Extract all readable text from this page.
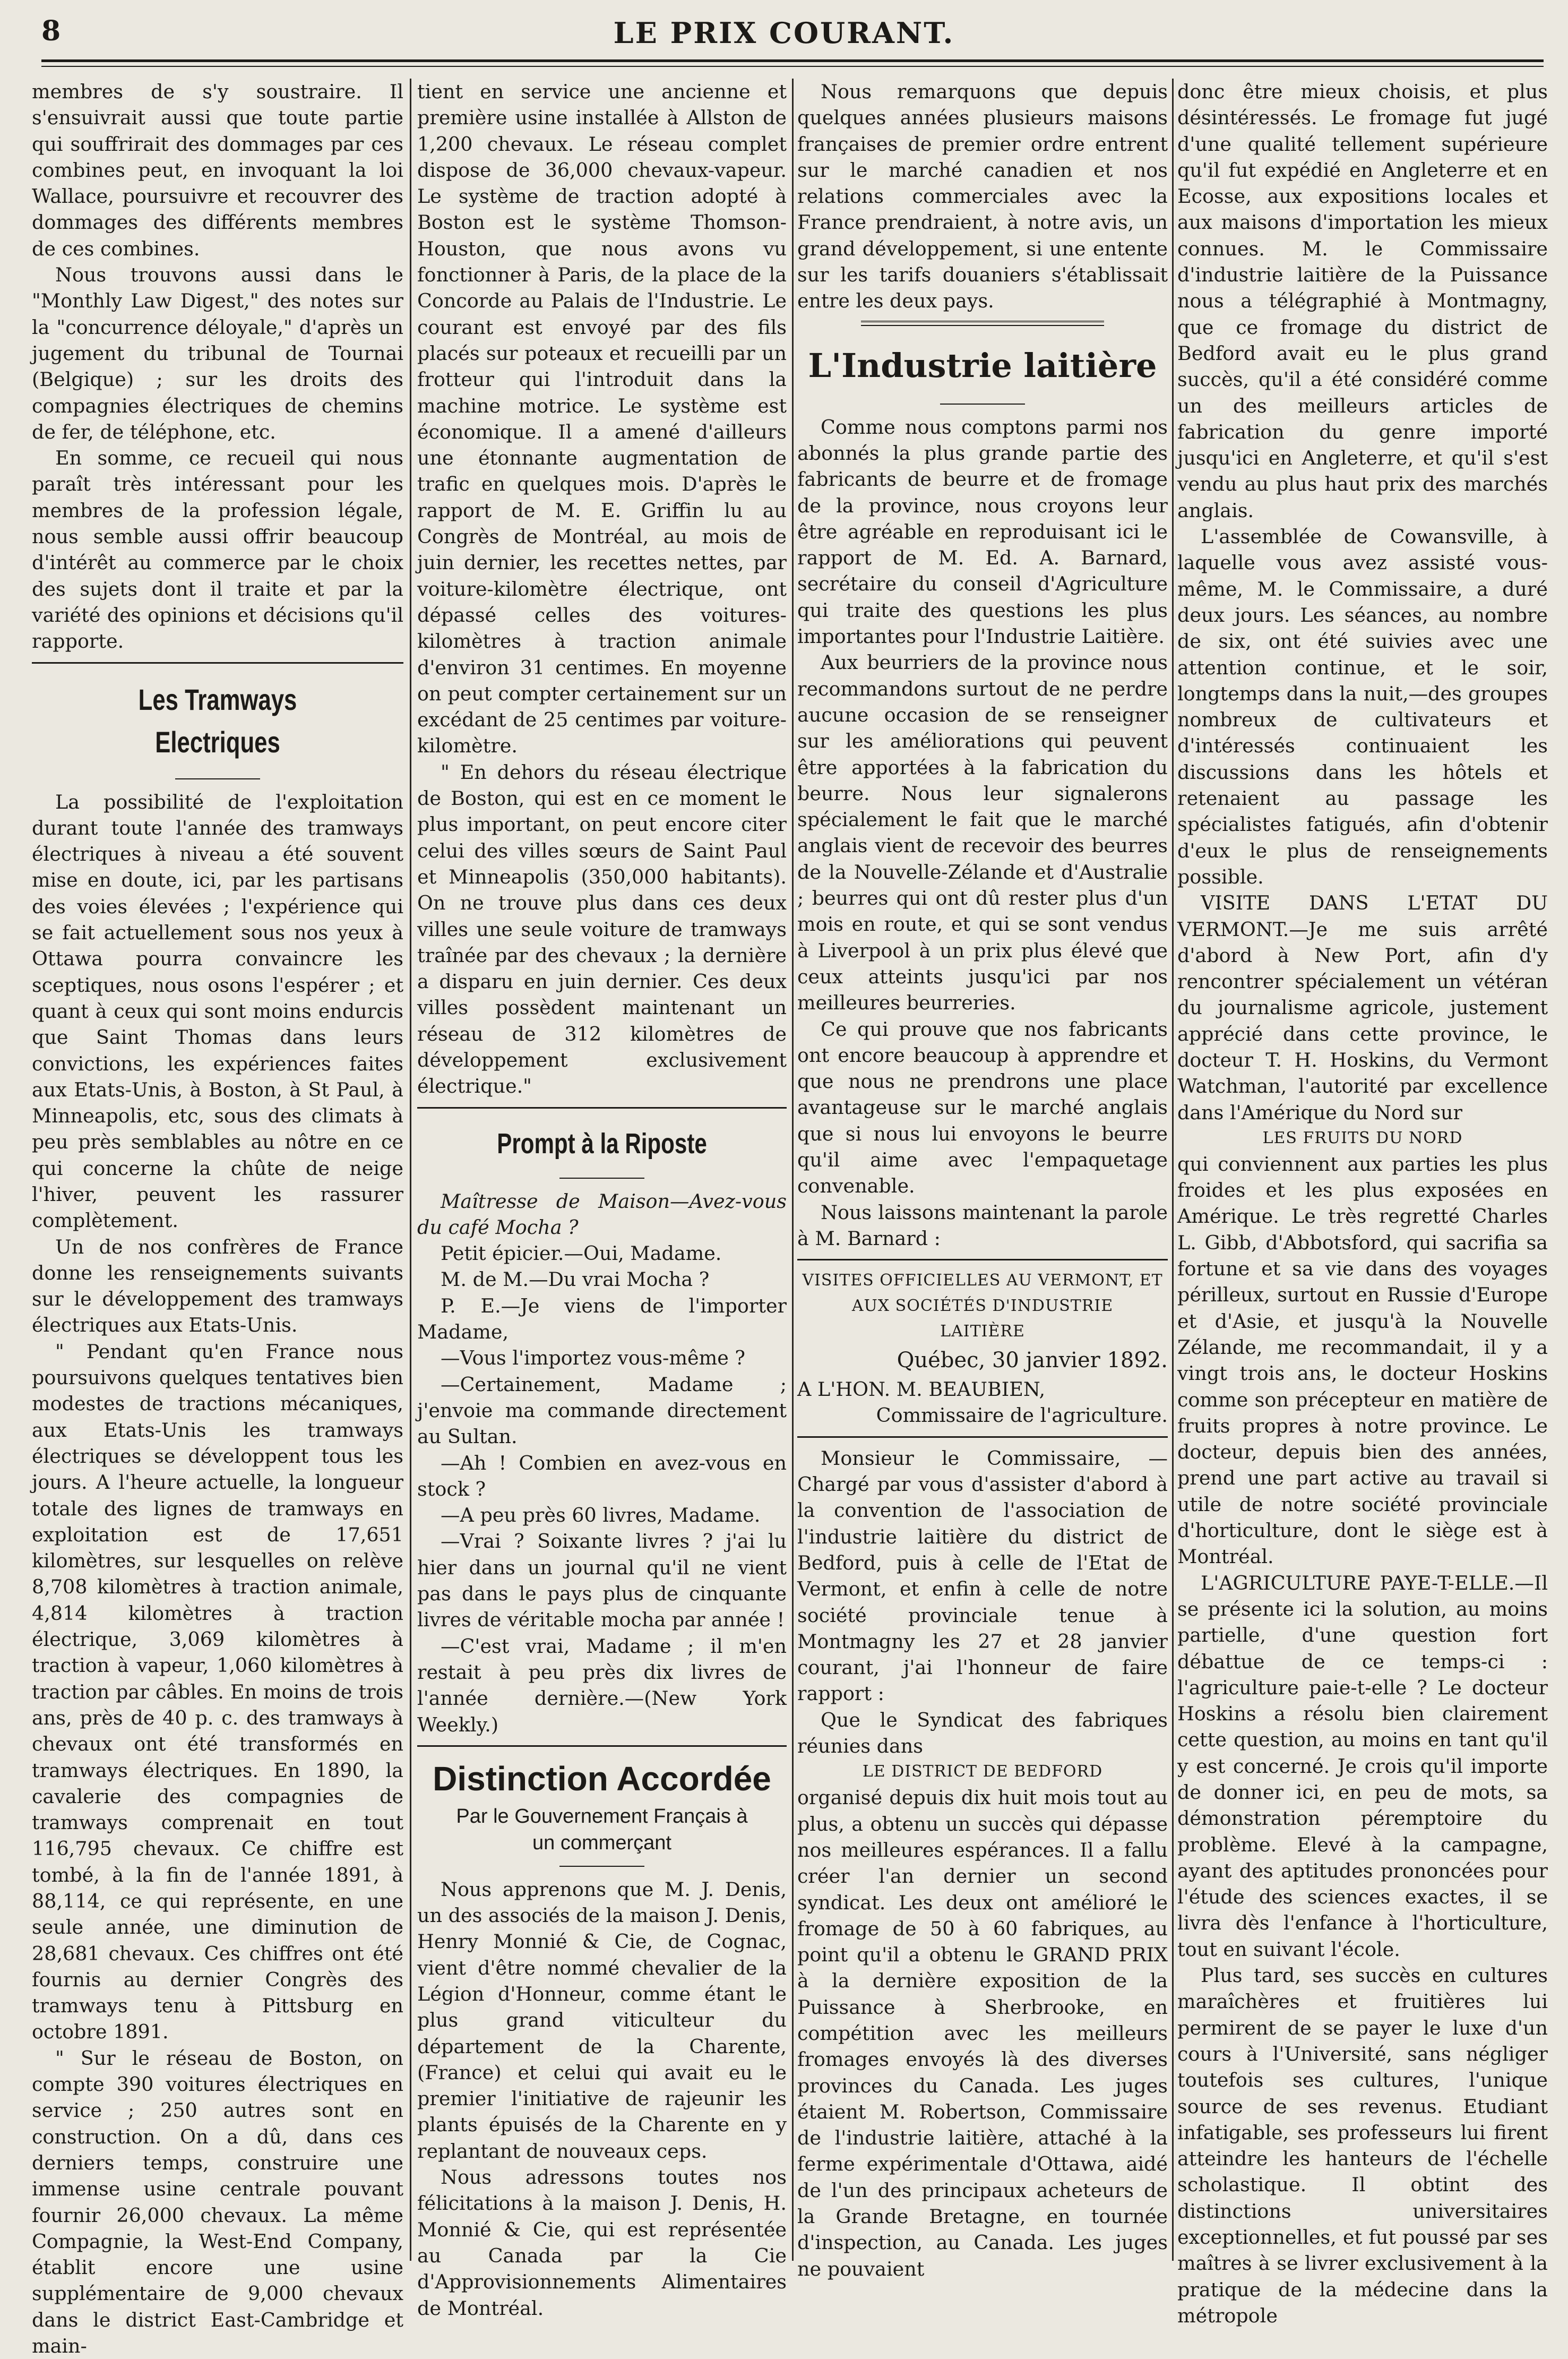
8	LE PRIX COURANT.

membres de s'y soustraire. Il s'ensuivrait aussi que toute partie qui souffrirait des dommages par ces combines peut, en invoquant la loi Wallace, poursuivre et recouvrer des dommages des différents membres de ces combines.

Nous trouvons aussi dans le "Monthly Law Digest," des notes sur la "concurrence déloyale," d'après un jugement du tribunal de Tournai (Belgique) ; sur les droits des compagnies électriques de chemins de fer, de téléphone, etc.

En somme, ce recueil qui nous paraît très intéressant pour les membres de la profession légale, nous semble aussi offrir beaucoup d'intérêt au commerce par le choix des sujets dont il traite et par la variété des opinions et décisions qu'il rapporte.

Les Tramways Electriques

La possibilité de l'exploitation durant toute l'année des tramways électriques à niveau a été souvent mise en doute, ici, par les partisans des voies élevées ; l'expérience qui se fait actuellement sous nos yeux à Ottawa pourra convaincre les sceptiques, nous osons l'espérer ; et quant à ceux qui sont moins endurcis que Saint Thomas dans leurs convictions, les expériences faites aux Etats-Unis, à Boston, à St Paul, à Minneapolis, etc, sous des climats à peu près semblables au nôtre en ce qui concerne la chûte de neige l'hiver, peuvent les rassurer complètement.

Un de nos confrères de France donne les renseignements suivants sur le développement des tramways électriques aux Etats-Unis.

" Pendant qu'en France nous poursuivons quelques tentatives bien modestes de tractions mécaniques, aux Etats-Unis les tramways électriques se développent tous les jours. A l'heure actuelle, la longueur totale des lignes de tramways en exploitation est de 17,651 kilomètres, sur lesquelles on relève 8,708 kilomètres à traction animale, 4,814 kilomètres à traction électrique, 3,069 kilomètres à traction à vapeur, 1,060 kilomètres à traction par câbles. En moins de trois ans, près de 40 p. c. des tramways à chevaux ont été transformés en tramways électriques. En 1890, la cavalerie des compagnies de tramways comprenait en tout 116,795 chevaux. Ce chiffre est tombé, à la fin de l'année 1891, à 88,114, ce qui représente, en une seule année, une diminution de 28,681 chevaux. Ces chiffres ont été fournis au dernier Congrès des tramways tenu à Pittsburg en octobre 1891.

" Sur le réseau de Boston, on compte 390 voitures électriques en service ; 250 autres sont en construction. On a dû, dans ces derniers temps, construire une immense usine centrale pouvant fournir 26,000 chevaux. La même Compagnie, la West-End Company, établit encore une usine supplémentaire de 9,000 chevaux dans le district East-Cambridge et main-

tient en service une ancienne et première usine installée à Allston de 1,200 chevaux. Le réseau complet dispose de 36,000 chevaux-vapeur. Le système de traction adopté à Boston est le système Thomson-Houston, que nous avons vu fonctionner à Paris, de la place de la Concorde au Palais de l'Industrie. Le courant est envoyé par des fils placés sur poteaux et recueilli par un frotteur qui l'introduit dans la machine motrice. Le système est économique. Il a amené d'ailleurs une étonnante augmentation de trafic en quelques mois. D'après le rapport de M. E. Griffin lu au Congrès de Montréal, au mois de juin dernier, les recettes nettes, par voiture-kilomètre électrique, ont dépassé celles des voitures-kilomètres à traction animale d'environ 31 centimes. En moyenne on peut compter certainement sur un excédant de 25 centimes par voiture-kilomètre.

" En dehors du réseau électrique de Boston, qui est en ce moment le plus important, on peut encore citer celui des villes sœurs de Saint Paul et Minneapolis (350,000 habitants). On ne trouve plus dans ces deux villes une seule voiture de tramways traînée par des chevaux ; la dernière a disparu en juin dernier. Ces deux villes possèdent maintenant un réseau de 312 kilomètres de développement exclusivement électrique."

Prompt à la Riposte

Maîtresse de Maison—Avez-vous du café Mocha ?

Petit épicier.—Oui, Madame.

M. de M.—Du vrai Mocha ?

P. E.—Je viens de l'importer Madame,

—Vous l'importez vous-même ?

—Certainement, Madame ; j'envoie ma commande directement au Sultan.

—Ah ! Combien en avez-vous en stock ?

—A peu près 60 livres, Madame.

—Vrai ? Soixante livres ? j'ai lu hier dans un journal qu'il ne vient pas dans le pays plus de cinquante livres de véritable mocha par année !

—C'est vrai, Madame ; il m'en restait à peu près dix livres de l'année dernière.—(New York Weekly.)

Distinction Accordée
Par le Gouvernement Français à
un commerçant

Nous apprenons que M. J. Denis, un des associés de la maison J. Denis, Henry Monnié & Cie, de Cognac, vient d'être nommé chevalier de la Légion d'Honneur, comme étant le plus grand viticulteur du département de la Charente, (France) et celui qui avait eu le premier l'initiative de rajeunir les plants épuisés de la Charente en y replantant de nouveaux ceps.

Nous adressons toutes nos félicitations à la maison J. Denis, H. Monnié & Cie, qui est représentée au Canada par la Cie d'Approvisionnements Alimentaires de Montréal.

Nous remarquons que depuis quelques années plusieurs maisons françaises de premier ordre entrent sur le marché canadien et nos relations commerciales avec la France prendraient, à notre avis, un grand développement, si une entente sur les tarifs douaniers s'établissait entre les deux pays.

L'Industrie laitière

Comme nous comptons parmi nos abonnés la plus grande partie des fabricants de beurre et de fromage de la province, nous croyons leur être agréable en reproduisant ici le rapport de M. Ed. A. Barnard, secrétaire du conseil d'Agriculture qui traite des questions les plus importantes pour l'Industrie Laitière.

Aux beurriers de la province nous recommandons surtout de ne perdre aucune occasion de se renseigner sur les améliorations qui peuvent être apportées à la fabrication du beurre. Nous leur signalerons spécialement le fait que le marché anglais vient de recevoir des beurres de la Nouvelle-Zélande et d'Australie ; beurres qui ont dû rester plus d'un mois en route, et qui se sont vendus à Liverpool à un prix plus élevé que ceux atteints jusqu'ici par nos meilleures beurreries.

Ce qui prouve que nos fabricants ont encore beaucoup à apprendre et que nous ne prendrons une place avantageuse sur le marché anglais que si nous lui envoyons le beurre qu'il aime avec l'empaquetage convenable.

Nous laissons maintenant la parole à M. Barnard :

VISITES OFFICIELLES AU VERMONT, ET AUX SOCIÉTÉS D'INDUSTRIE
LAITIÈRE
Québec, 30 janvier 1892.

A L'HON. M. BEAUBIEN,

Commissaire de l'agriculture.

Monsieur le Commissaire, — Chargé par vous d'assister d'abord à la convention de l'association de l'industrie laitière du district de Bedford, puis à celle de l'Etat de Vermont, et enfin à celle de notre société provinciale tenue à Montmagny les 27 et 28 janvier courant, j'ai l'honneur de faire rapport :

Que le Syndicat des fabriques réunies dans

LE DISTRICT DE BEDFORD

organisé depuis dix huit mois tout au plus, a obtenu un succès qui dépasse nos meilleures espérances. Il a fallu créer l'an dernier un second syndicat. Les deux ont amélioré le fromage de 50 à 60 fabriques, au point qu'il a obtenu le GRAND PRIX à la dernière exposition de la Puissance à Sherbrooke, en compétition avec les meilleurs fromages envoyés là des diverses provinces du Canada. Les juges étaient M. Robertson, Commissaire de l'industrie laitière, attaché à la ferme expérimentale d'Ottawa, aidé de l'un des principaux acheteurs de la Grande Bretagne, en tournée d'inspection, au Canada. Les juges ne pouvaient

donc être mieux choisis, et plus désintéressés. Le fromage fut jugé d'une qualité tellement supérieure qu'il fut expédié en Angleterre et en Ecosse, aux expositions locales et aux maisons d'importation les mieux connues. M. le Commissaire d'industrie laitière de la Puissance nous a télégraphié à Montmagny, que ce fromage du district de Bedford avait eu le plus grand succès, qu'il a été considéré comme un des meilleurs articles de fabrication du genre importé jusqu'ici en Angleterre, et qu'il s'est vendu au plus haut prix des marchés anglais.

L'assemblée de Cowansville, à laquelle vous avez assisté vous-même, M. le Commissaire, a duré deux jours. Les séances, au nombre de six, ont été suivies avec une attention continue, et le soir, longtemps dans la nuit,—des groupes nombreux de cultivateurs et d'intéressés continuaient les discussions dans les hôtels et retenaient au passage les spécialistes fatigués, afin d'obtenir d'eux le plus de renseignements possible.

VISITE DANS L'ETAT DU VERMONT.—Je me suis arrêté d'abord à New Port, afin d'y rencontrer spécialement un vétéran du journalisme agricole, justement apprécié dans cette province, le docteur T. H. Hoskins, du Vermont Watchman, l'autorité par excellence dans l'Amérique du Nord sur

LES FRUITS DU NORD

qui conviennent aux parties les plus froides et les plus exposées en Amérique. Le très regretté Charles L. Gibb, d'Abbotsford, qui sacrifia sa fortune et sa vie dans des voyages périlleux, surtout en Russie d'Europe et d'Asie, et jusqu'à la Nouvelle Zélande, me recommandait, il y a vingt trois ans, le docteur Hoskins comme son précepteur en matière de fruits propres à notre province. Le docteur, depuis bien des années, prend une part active au travail si utile de notre société provinciale d'horticulture, dont le siège est à Montréal.

L'AGRICULTURE PAYE-T-ELLE.—Il se présente ici la solution, au moins partielle, d'une question fort débattue de ce temps-ci : l'agriculture paie-t-elle ? Le docteur Hoskins a résolu bien clairement cette question, au moins en tant qu'il y est concerné. Je crois qu'il importe de donner ici, en peu de mots, sa démonstration péremptoire du problème. Elevé à la campagne, ayant des aptitudes prononcées pour l'étude des sciences exactes, il se livra dès l'enfance à l'horticulture, tout en suivant l'école.

Plus tard, ses succès en cultures maraîchères et fruitières lui permirent de se payer le luxe d'un cours à l'Université, sans négliger toutefois ses cultures, l'unique source de ses revenus. Etudiant infatigable, ses professeurs lui firent atteindre les hanteurs de l'échelle scholastique. Il obtint des distinctions universitaires exceptionnelles, et fut poussé par ses maîtres à se livrer exclusivement à la pratique de la médecine dans la métropole
